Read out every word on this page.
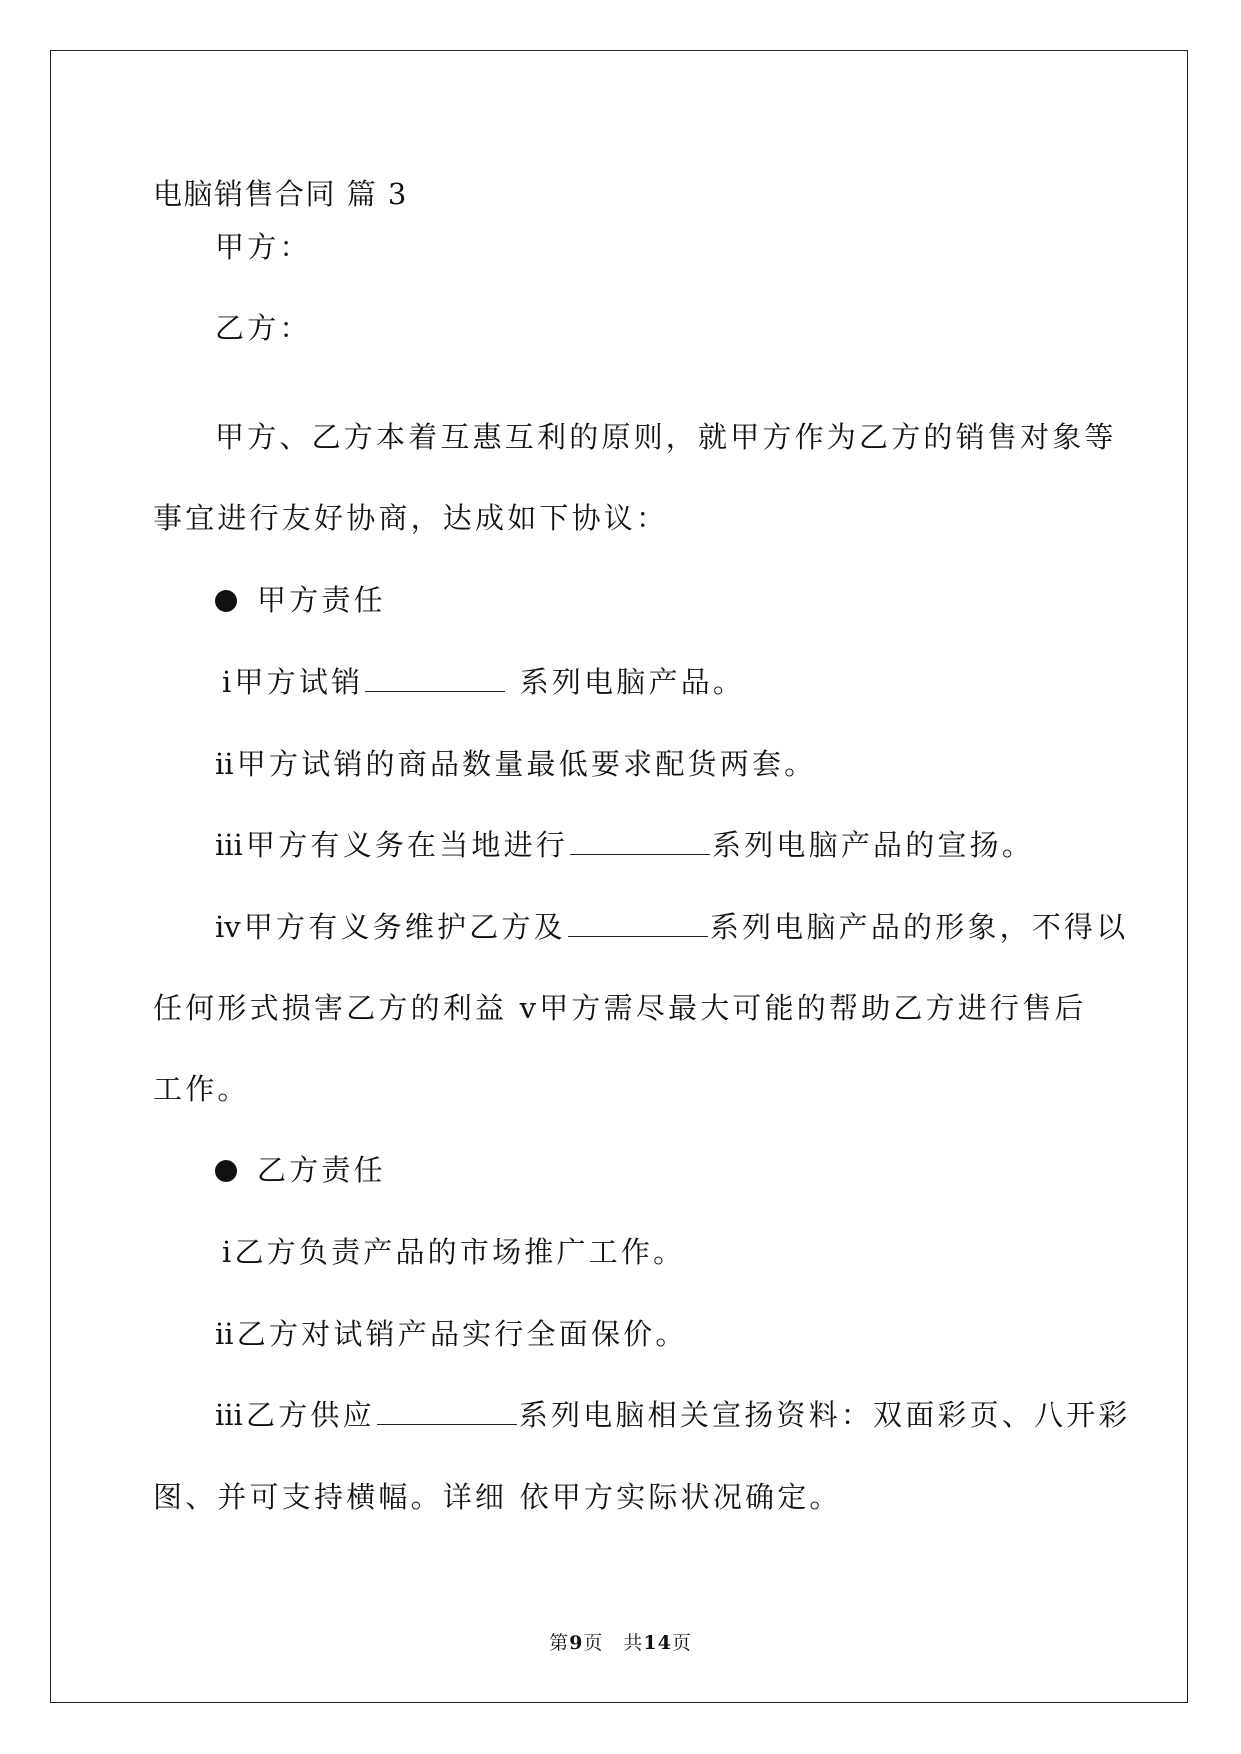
电脑销售合同 篇 3
甲方：
乙方：
甲方、乙方本着互惠互利的原则，就甲方作为乙方的销售对象等
事宜进行友好协商，达成如下协议：
甲方责任
ⅰ甲方试销	系列电脑产品。
ⅱ甲方试销的商品数量最低要求配货两套。
ⅲ甲方有义务在当地进行	系列电脑产品的宣扬。
ⅳ甲方有义务维护乙方及	系列电脑产品的形象，不得以
任何形式损害乙方的利益 ⅴ甲方需尽最大可能的帮助乙方进行售后
工作。
乙方责任
ⅰ乙方负责产品的市场推广工作。
ⅱ乙方对试销产品实行全面保价。
ⅲ乙方供应	系列电脑相关宣扬资料：双面彩页、八开彩
图、并可支持横幅。详细 依甲方实际状况确定。
第9页　共14页
